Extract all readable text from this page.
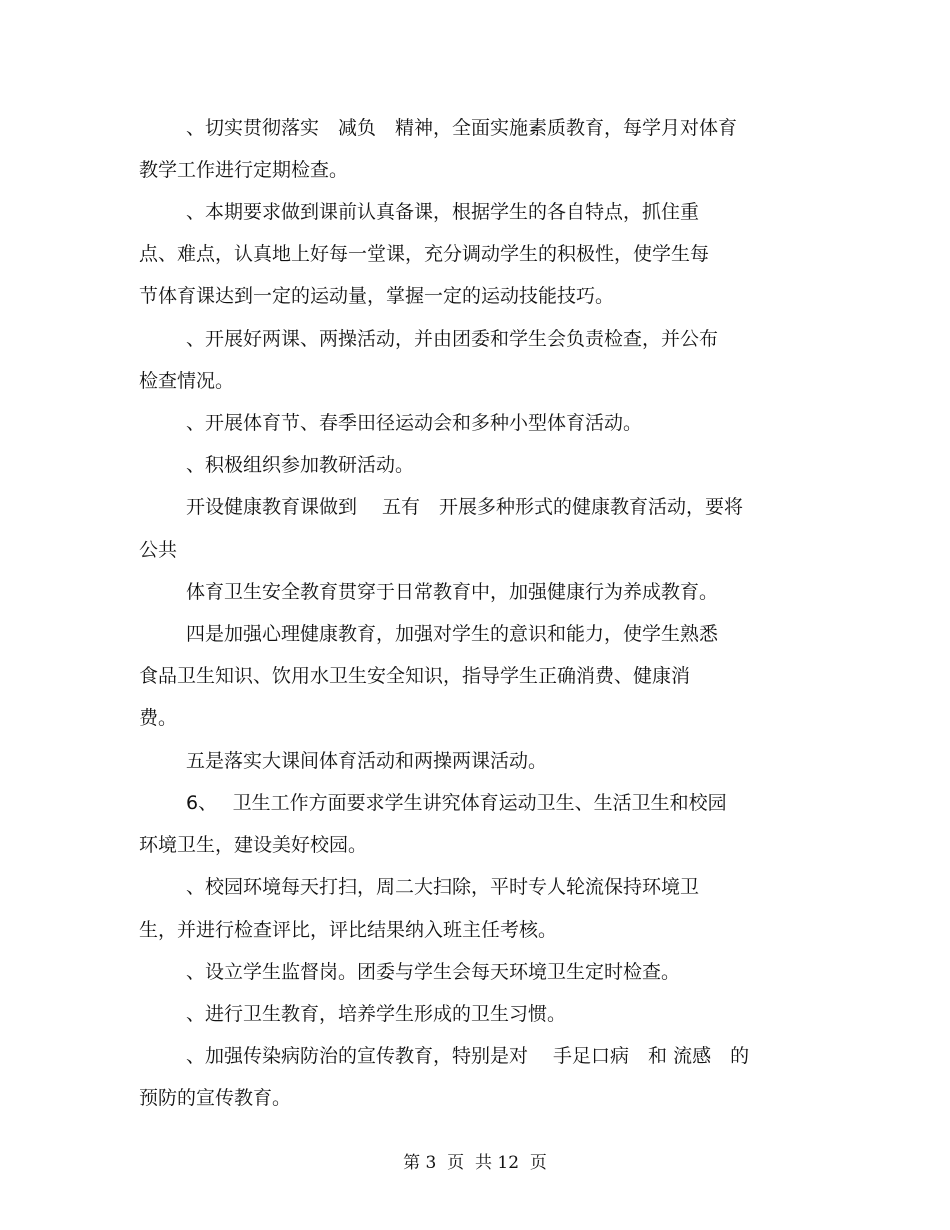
、切实贯彻落实　减负　精神，全面实施素质教育，每学月对体育
教学工作进行定期检查。
、本期要求做到课前认真备课，根据学生的各自特点，抓住重
点、难点，认真地上好每一堂课，充分调动学生的积极性，使学生每
节体育课达到一定的运动量，掌握一定的运动技能技巧。
、开展好两课、两操活动，并由团委和学生会负责检查，并公布
检查情况。
、开展体育节、春季田径运动会和多种小型体育活动。
、积极组织参加教研活动。
开设健康教育课做到　 五有　开展多种形式的健康教育活动，要将
公共
体育卫生安全教育贯穿于日常教育中，加强健康行为养成教育。
四是加强心理健康教育，加强对学生的意识和能力，使学生熟悉
食品卫生知识、饮用水卫生安全知识，指导学生正确消费、健康消
费。
五是落实大课间体育活动和两操两课活动。
6、　 卫生工作方面要求学生讲究体育运动卫生、生活卫生和校园
环境卫生，建设美好校园。
、校园环境每天打扫，周二大扫除，平时专人轮流保持环境卫
生，并进行检查评比，评比结果纳入班主任考核。
、设立学生监督岗。团委与学生会每天环境卫生定时检查。
、进行卫生教育，培养学生形成的卫生习惯。
、加强传染病防治的宣传教育，特别是对　 手足口病　和 流感　的
预防的宣传教育。
第 3  页  共 12  页
